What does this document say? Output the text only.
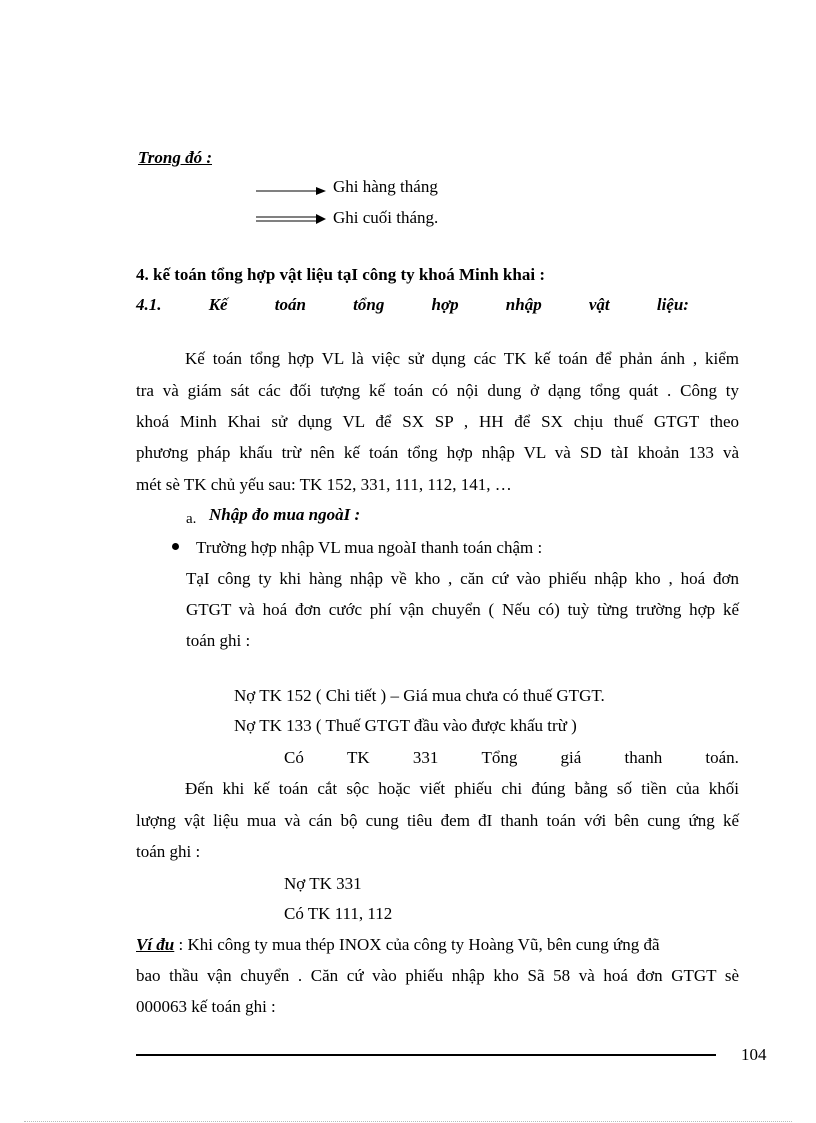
Trong đó :
Ghi hàng tháng
Ghi cuối tháng.
4. kế toán tổng hợp vật liệu tạI công ty khoá Minh khai :
4.1.	Kế	toán	tổng	hợp	nhập	vật	liệu:
Kế toán tổng hợp VL là việc sử dụng các TK kế toán để phản ánh , kiểm
tra và giám sát các đối tượng kế toán có nội dung ở dạng tổng quát . Công ty
khoá Minh Khai sử dụng VL để SX SP , HH để SX chịu thuế GTGT theo
phương pháp khấu trừ nên kế toán tổng hợp nhập VL và SD tàI khoản 133 và
mét sè TK chủ yếu sau: TK 152, 331, 111, 112, 141, …
a. Nhập đo mua ngoàI :
Trường hợp nhập VL mua ngoàI thanh toán chậm :
TạI công ty khi hàng nhập về kho , căn cứ vào phiếu nhập kho , hoá đơn
GTGT và hoá đơn cước phí vận chuyển ( Nếu có) tuỳ từng trường hợp kế
toán ghi :
Nợ TK 152 ( Chi tiết ) – Giá mua chưa có thuế GTGT.
Nợ TK 133 ( Thuế GTGT đầu vào được khấu trừ )
Có	TK	331	Tổng	giá	thanh	toán.
Đến khi kế toán cắt sộc hoặc viết phiếu chi đúng bằng số tiền của khối
lượng vật liệu mua và cán bộ cung tiêu đem đI thanh toán với bên cung ứng kế
toán ghi :
Nợ TK 331
Có TK 111, 112
Ví đu : Khi công ty mua thép INOX của công ty Hoàng Vũ, bên cung ứng đã
bao thầu vận chuyển . Căn cứ vào phiếu nhập kho Sã 58 và hoá đơn GTGT sè
000063 kế toán ghi :
104
